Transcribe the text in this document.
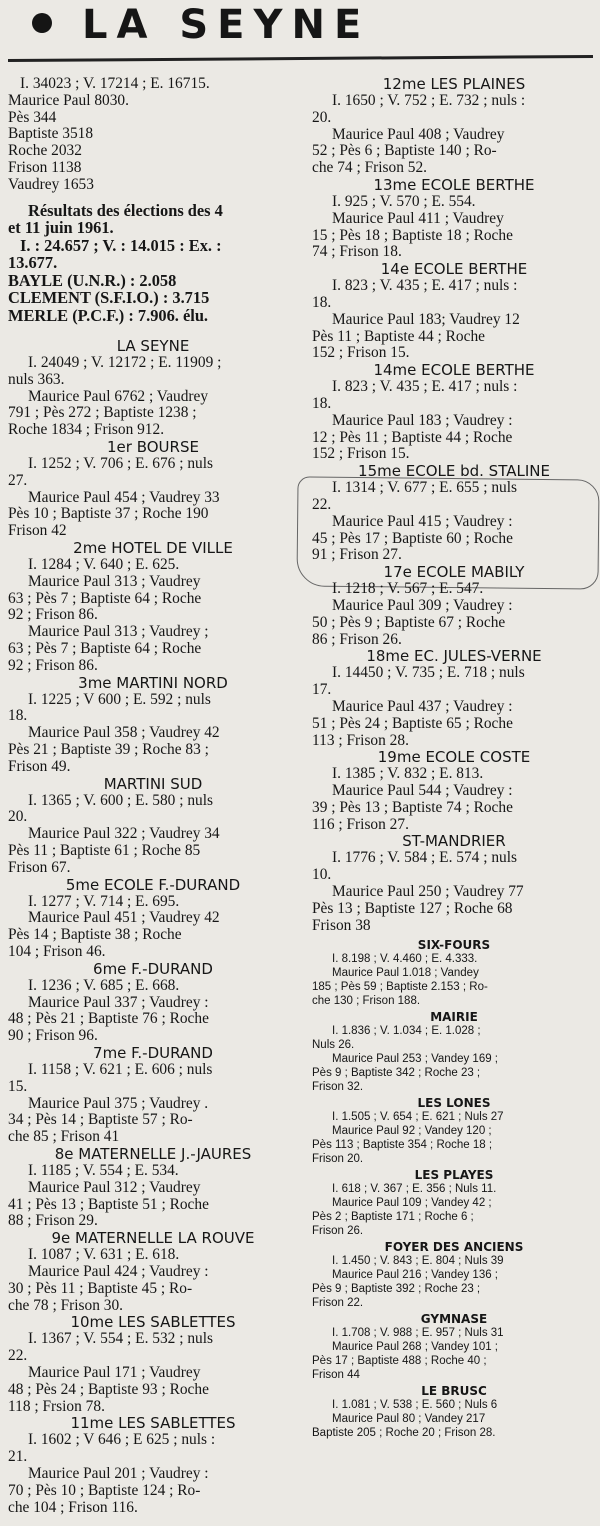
LA SEYNE
I. 34023 ; V. 17214 ; E. 16715.
Maurice Paul 8030.
Pès 344
Baptiste 3518
Roche 2032
Frison 1138
Vaudrey 1653
Résultats des élections des 4
et 11 juin 1961.
I. : 24.657 ; V. : 14.015 : Ex. :
13.677.
BAYLE (U.N.R.) : 2.058
CLEMENT (S.F.I.O.) : 3.715
MERLE (P.C.F.) : 7.906. élu.
LA SEYNE
I. 24049 ; V. 12172 ; E. 11909 ;
nuls 363.
Maurice Paul 6762 ; Vaudrey
791 ; Pès 272 ; Baptiste 1238 ;
Roche 1834 ; Frison 912.
1er BOURSE
I. 1252 ; V. 706 ; E. 676 ; nuls
27.
Maurice Paul 454 ; Vaudrey 33
Pès 10 ; Baptiste 37 ; Roche 190
Frison 42
2me HOTEL DE VILLE
I. 1284 ; V. 640 ; E. 625.
Maurice Paul 313 ; Vaudrey
63 ; Pès 7 ; Baptiste 64 ; Roche
92 ; Frison 86.
Maurice Paul 313 ; Vaudrey ;
63 ; Pès 7 ; Baptiste 64 ; Roche
92 ; Frison 86.
3me MARTINI NORD
I. 1225 ; V 600 ; E. 592 ; nuls
18.
Maurice Paul 358 ; Vaudrey 42
Pès 21 ; Baptiste 39 ; Roche 83 ;
Frison 49.
MARTINI SUD
I. 1365 ; V. 600 ; E. 580 ; nuls
20.
Maurice Paul 322 ; Vaudrey 34
Pès 11 ; Baptiste 61 ; Roche 85
Frison 67.
5me ECOLE F.-DURAND
I. 1277 ; V. 714 ; E. 695.
Maurice Paul 451 ; Vaudrey 42
Pès 14 ; Baptiste 38 ; Roche
104 ; Frison 46.
6me F.-DURAND
I. 1236 ; V. 685 ; E. 668.
Maurice Paul 337 ; Vaudrey :
48 ; Pès 21 ; Baptiste 76 ; Roche
90 ; Frison 96.
7me F.-DURAND
I. 1158 ; V. 621 ; E. 606 ; nuls
15.
Maurice Paul 375 ; Vaudrey .
34 ; Pès 14 ; Baptiste 57 ; Ro-
che 85 ; Frison 41
8e MATERNELLE J.-JAURES
I. 1185 ; V. 554 ; E. 534.
Maurice Paul 312 ; Vaudrey
41 ; Pès 13 ; Baptiste 51 ; Roche
88 ; Frison 29.
9e MATERNELLE LA ROUVE
I. 1087 ; V. 631 ; E. 618.
Maurice Paul 424 ; Vaudrey :
30 ; Pès 11 ; Baptiste 45 ; Ro-
che 78 ; Frison 30.
10me LES SABLETTES
I. 1367 ; V. 554 ; E. 532 ; nuls
22.
Maurice Paul 171 ; Vaudrey
48 ; Pès 24 ; Baptiste 93 ; Roche
118 ; Frsion 78.
11me LES SABLETTES
I. 1602 ; V 646 ; E 625 ; nuls :
21.
Maurice Paul 201 ; Vaudrey :
70 ; Pès 10 ; Baptiste 124 ; Ro-
che 104 ; Frison 116.
12me LES PLAINES
I. 1650 ; V. 752 ; E. 732 ; nuls :
20.
Maurice Paul 408 ; Vaudrey
52 ; Pès 6 ; Baptiste 140 ; Ro-
che 74 ; Frison 52.
13me ECOLE BERTHE
I. 925 ; V. 570 ; E. 554.
Maurice Paul 411 ; Vaudrey
15 ; Pès 18 ; Baptiste 18 ; Roche
74 ; Frison 18.
14e ECOLE BERTHE
I. 823 ; V. 435 ; E. 417 ; nuls :
18.
Maurice Paul 183; Vaudrey 12
Pès 11 ; Baptiste 44 ; Roche
152 ; Frison 15.
14me ECOLE BERTHE
I. 823 ; V. 435 ; E. 417 ; nuls :
18.
Maurice Paul 183 ; Vaudrey :
12 ; Pès 11 ; Baptiste 44 ; Roche
152 ; Frison 15.
15me ECOLE bd. STALINE
I. 1314 ; V. 677 ; E. 655 ; nuls
22.
Maurice Paul 415 ; Vaudrey :
45 ; Pès 17 ; Baptiste 60 ; Roche
91 ; Frison 27.
17e ECOLE MABILY
I. 1218 ; V. 567 ; E. 547.
Maurice Paul 309 ; Vaudrey :
50 ; Pès 9 ; Baptiste 67 ; Roche
86 ; Frison 26.
18me EC. JULES-VERNE
I. 14450 ; V. 735 ; E. 718 ; nuls
17.
Maurice Paul 437 ; Vaudrey :
51 ; Pès 24 ; Baptiste 65 ; Roche
113 ; Frison 28.
19me ECOLE COSTE
I. 1385 ; V. 832 ; E. 813.
Maurice Paul 544 ; Vaudrey :
39 ; Pès 13 ; Baptiste 74 ; Roche
116 ; Frison 27.
ST-MANDRIER
I. 1776 ; V. 584 ; E. 574 ; nuls
10.
Maurice Paul 250 ; Vaudrey 77
Pès 13 ; Baptiste 127 ; Roche 68
Frison 38
SIX-FOURS
I. 8.198 ; V. 4.460 ; E. 4.333.
Maurice Paul 1.018 ; Vandey
185 ; Pès 59 ; Baptiste 2.153 ; Ro-
che 130 ; Frison 188.
MAIRIE
I. 1.836 ; V. 1.034 ; E. 1.028 ;
Nuls 26.
Maurice Paul 253 ; Vandey 169 ;
Pès 9 ; Baptiste 342 ; Roche 23 ;
Frison 32.
LES LONES
I. 1.505 ; V. 654 ; E. 621 ; Nuls 27
Maurice Paul 92 ; Vandey 120 ;
Pès 113 ; Baptiste 354 ; Roche 18 ;
Frison 20.
LES PLAYES
I. 618 ; V. 367 ; E. 356 ; Nuls 11.
Maurice Paul 109 ; Vandey 42 ;
Pès 2 ; Baptiste 171 ; Roche 6 ;
Frison 26.
FOYER DES ANCIENS
I. 1.450 ; V. 843 ; E. 804 ; Nuls 39
Maurice Paul 216 ; Vandey 136 ;
Pès 9 ; Baptiste 392 ; Roche 23 ;
Frison 22.
GYMNASE
I. 1.708 ; V. 988 ; E. 957 ; Nuls 31
Maurice Paul 268 ; Vandey 101 ;
Pès 17 ; Baptiste 488 ; Roche 40 ;
Frison 44
LE BRUSC
I. 1.081 ; V. 538 ; E. 560 ; Nuls 6
Maurice Paul 80 ; Vandey 217
Baptiste 205 ; Roche 20 ; Frison 28.
